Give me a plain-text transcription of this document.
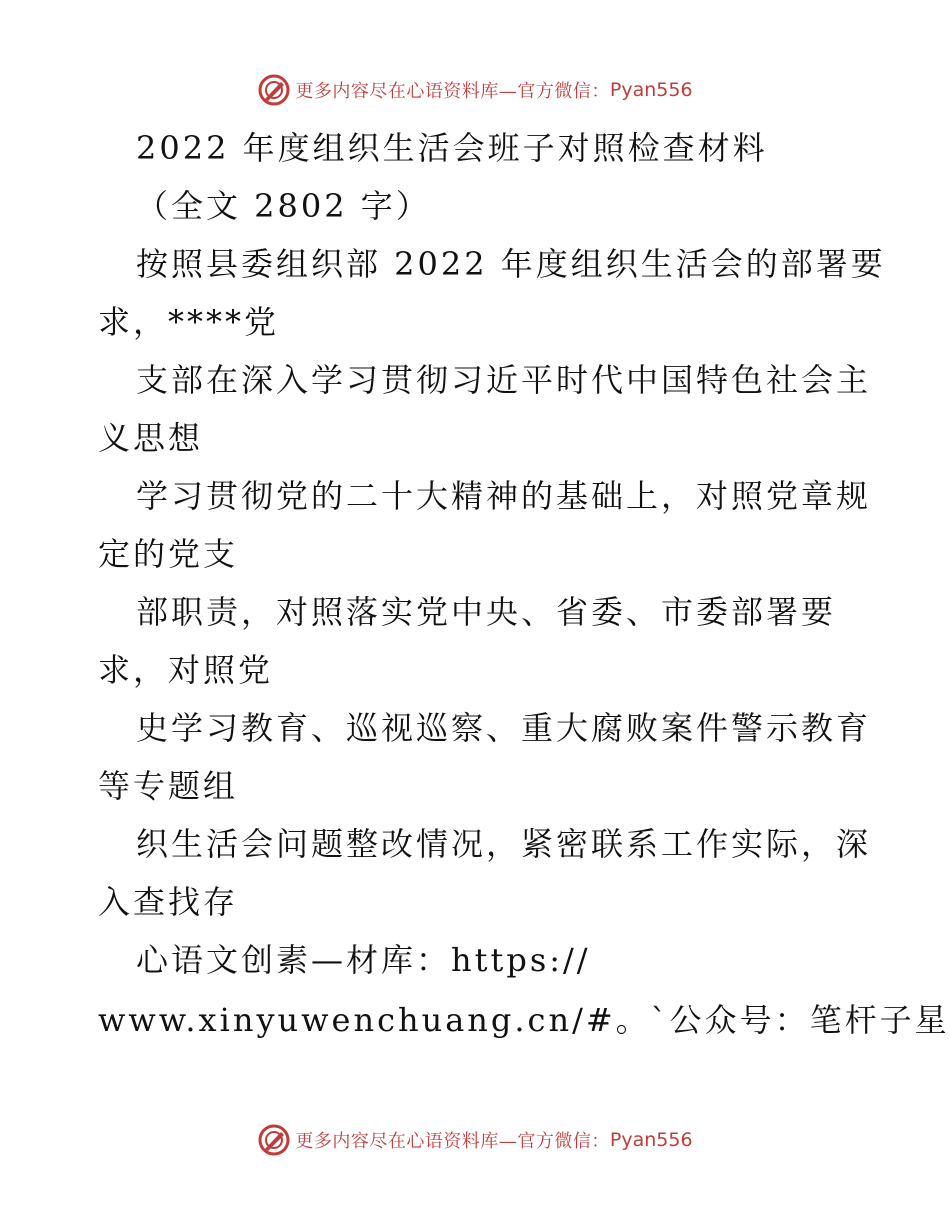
更多内容尽在心语资料库—官方微信： Pyan556
2022 年度组织生活会班子对照检查材料
（全文 2802 字）
按照县委组织部 2022 年度组织生活会的部署要
求，****党
支部在深入学习贯彻习近平时代中国特色社会主
义思想
学习贯彻党的二十大精神的基础上，对照党章规
定的党支
部职责，对照落实党中央、省委、市委部署要
求，对照党
史学习教育、巡视巡察、重大腐败案件警示教育
等专题组
织生活会问题整改情况，紧密联系工作实际，深
入查找存
心语文创素—材库：https://
www.xinyuwenchuang.cn/#。`公众号：笔杆子星
更多内容尽在心语资料库—官方微信： Pyan556
